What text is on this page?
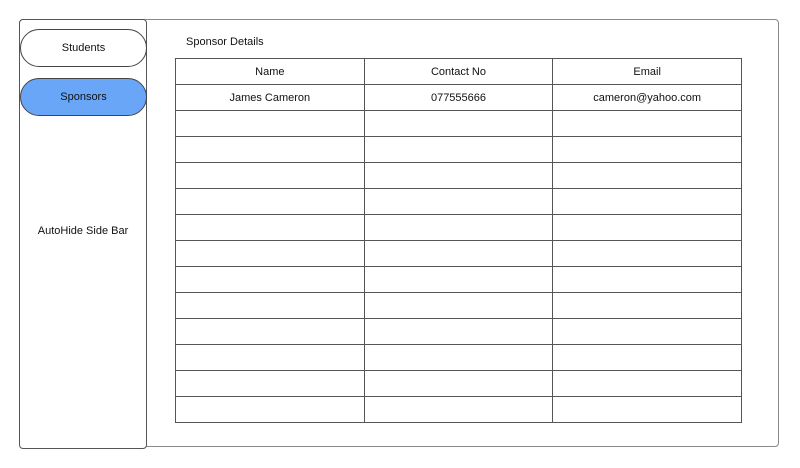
Students
Sponsors
AutoHide Side Bar
Sponsor Details
Name	Contact No	Email
James Cameron	077555666	cameron@yahoo.com
